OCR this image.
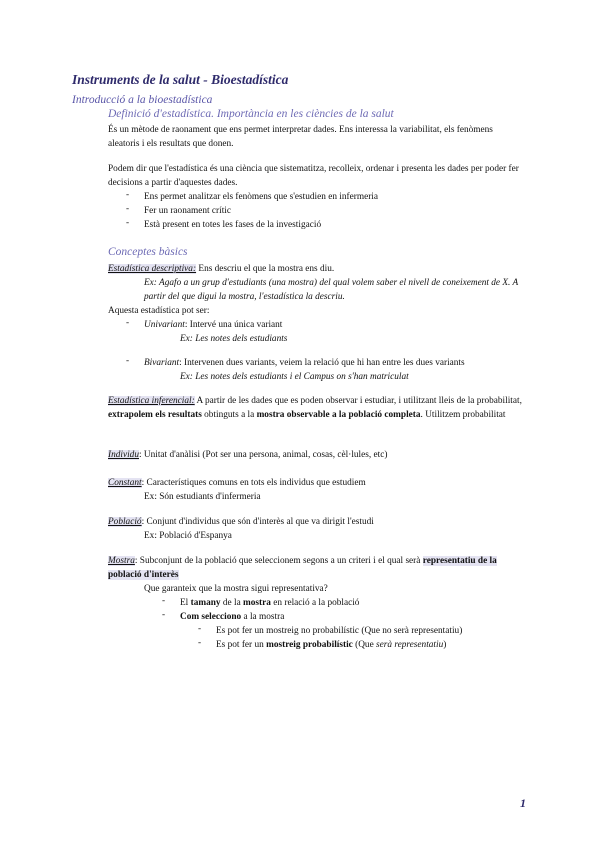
Instruments de la salut - Bioestadística
Introducció a la bioestadística
Definició d'estadística. Importància en les ciències de la salut
És un mètode de raonament que ens permet interpretar dades. Ens interessa la variabilitat, els fenòmens aleatoris i els resultats que donen.
Podem dir que l'estadística és una ciència que sistematitza, recolleix, ordenar i presenta les dades per poder fer decisions a partir d'aquestes dades.
- Ens permet analitzar els fenòmens que s'estudien en infermeria
- Fer un raonament crític
- Està present en totes les fases de la investigació
Conceptes bàsics
Estadística descriptiva: Ens descriu el que la mostra ens diu.
Ex: Agafo a un grup d'estudiants (una mostra) del qual volem saber el nivell de coneixement de X. A partir del que digui la mostra, l'estadística la descriu.
Aquesta estadística pot ser:
- Univariant: Intervé una única variant
Ex: Les notes dels estudiants
- Bivariant: Intervenen dues variants, veiem la relació que hi han entre les dues variants
Ex: Les notes dels estudiants i el Campus on s'han matriculat
Estadística inferencial: A partir de les dades que es poden observar i estudiar, i utilitzant lleis de la probabilitat, extrapolem els resultats obtinguts a la mostra observable a la població completa. Utilitzem probabilitat
Individu: Unitat d'anàlisi (Pot ser una persona, animal, cosas, cèl·lules, etc)
Constant: Característiques comuns en tots els individus que estudiem
Ex: Són estudiants d'infermeria
Població: Conjunt d'individus que són d'interès al que va dirigit l'estudi
Ex: Població d'Espanya
Mostra: Subconjunt de la població que seleccionem segons a un criteri i el qual serà representatiu de la població d'interès
Que garanteix que la mostra sigui representativa?
- El tamany de la mostra en relació a la població
- Com selecciono a la mostra
- Es pot fer un mostreig no probabilístic (Que no serà representatiu)
- Es pot fer un mostreig probabilístic (Que serà representatiu)
1
